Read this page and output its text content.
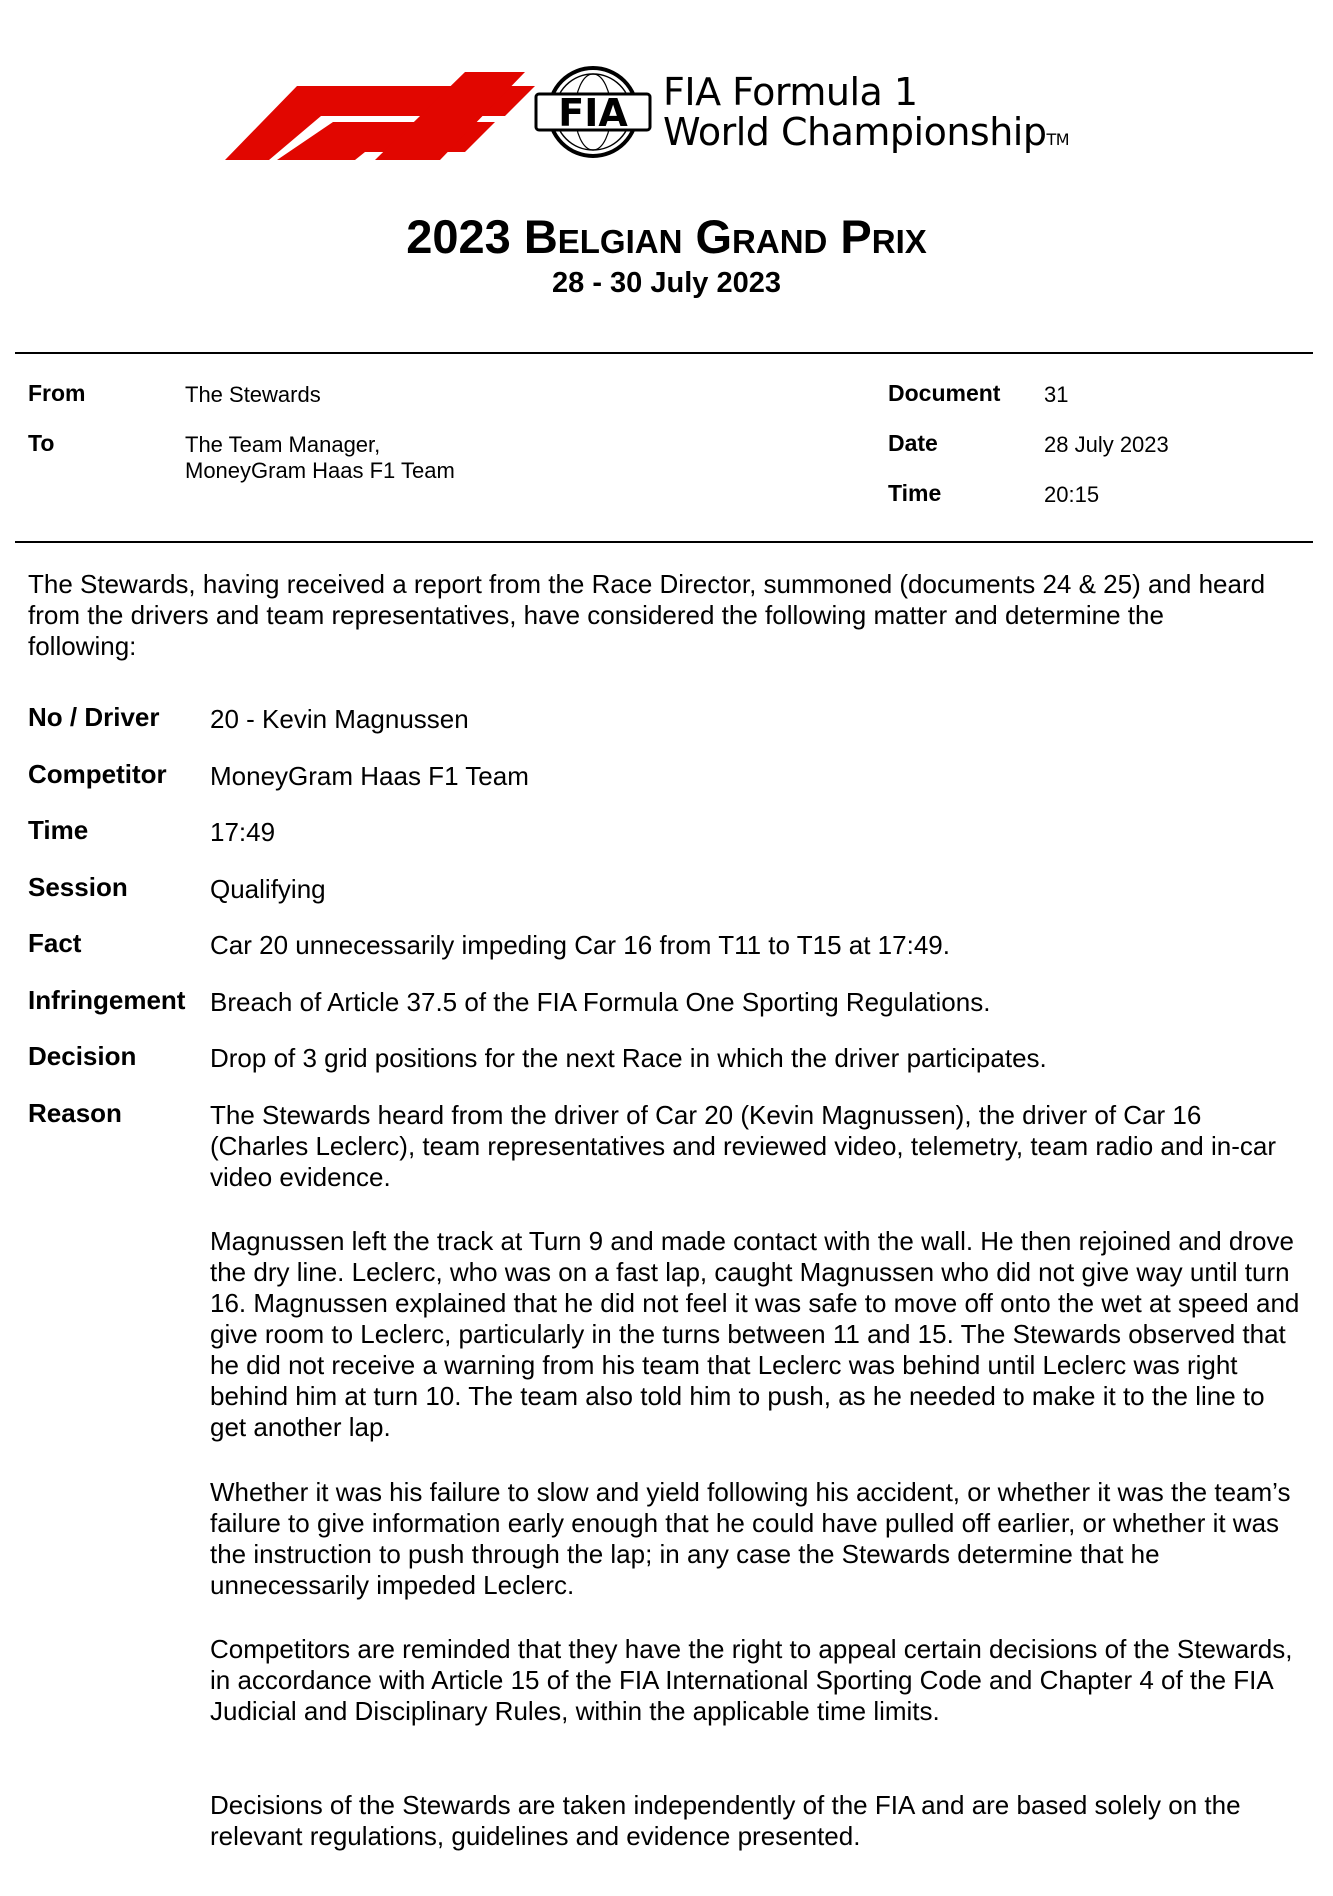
FIA FIA Formula 1
World ChampionshipTM
2023 Belgian Grand Prix
28 - 30 July 2023
From	The Stewards
To	The Team Manager,
MoneyGram Haas F1 Team
Document 31
Date	28 July 2023
Time	20:15
The Stewards, having received a report from the Race Director, summoned (documents 24 & 25) and heard from the drivers and team representatives, have considered the following matter and determine the following:
No / Driver 20 - Kevin Magnussen
Competitor MoneyGram Haas F1 Team
Time	17:49
Session	Qualifying
Fact	Car 20 unnecessarily impeding Car 16 from T11 to T15 at 17:49.
Infringement Breach of Article 37.5 of the FIA Formula One Sporting Regulations.
Decision	Drop of 3 grid positions for the next Race in which the driver participates.
Reason	The Stewards heard from the driver of Car 20 (Kevin Magnussen), the driver of Car 16 (Charles Leclerc), team representatives and reviewed video, telemetry, team radio and in-car video evidence.
Magnussen left the track at Turn 9 and made contact with the wall. He then rejoined and drove the dry line. Leclerc, who was on a fast lap, caught Magnussen who did not give way until turn 16. Magnussen explained that he did not feel it was safe to move off onto the wet at speed and give room to Leclerc, particularly in the turns between 11 and 15. The Stewards observed that he did not receive a warning from his team that Leclerc was behind until Leclerc was right behind him at turn 10. The team also told him to push, as he needed to make it to the line to get another lap.
Whether it was his failure to slow and yield following his accident, or whether it was the team’s failure to give information early enough that he could have pulled off earlier, or whether it was the instruction to push through the lap; in any case the Stewards determine that he unnecessarily impeded Leclerc.
Competitors are reminded that they have the right to appeal certain decisions of the Stewards, in accordance with Article 15 of the FIA International Sporting Code and Chapter 4 of the FIA Judicial and Disciplinary Rules, within the applicable time limits.
Decisions of the Stewards are taken independently of the FIA and are based solely on the relevant regulations, guidelines and evidence presented.
